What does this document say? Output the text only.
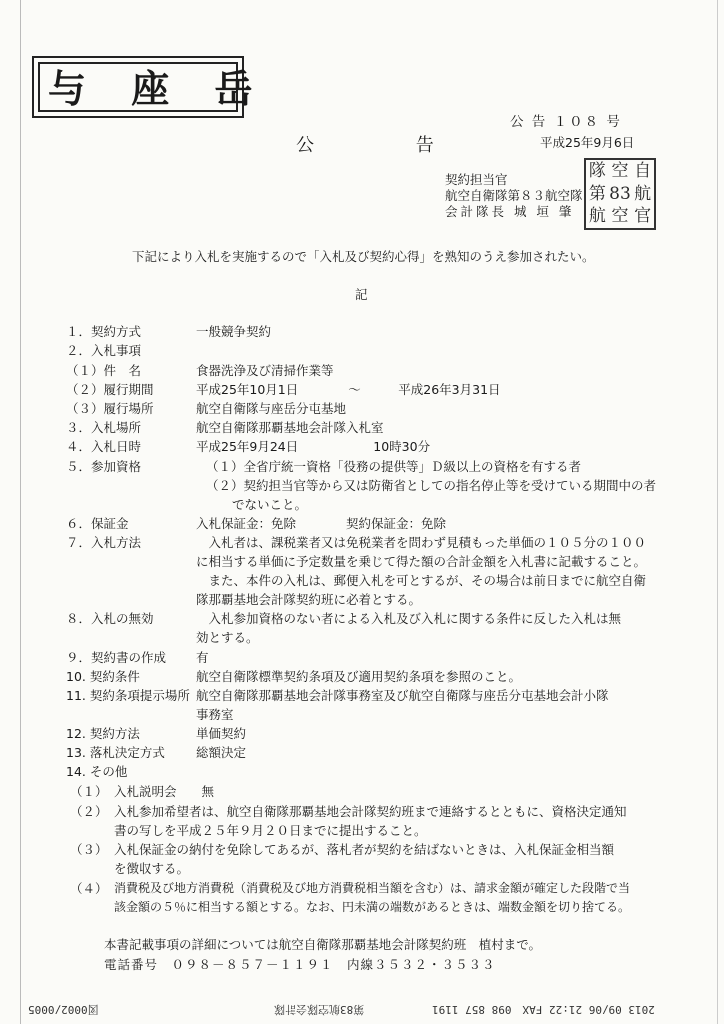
与 座 岳
公 告 １０８ 号
平成25年9月6日
公 告
契約担当官
航空自衛隊第８３航空隊
会計隊長 城 垣 肇
隊 空 自
第 83 航
航 空 官
下記により入札を実施するので「入札及び契約心得」を熟知のうえ参加されたい。
記
１．契約方式	一般競争契約
２．入札事項
（１）件　名	食器洗浄及び清掃作業等
（２）履行期間	平成25年10月1日　　　　～　　　平成26年3月31日
（３）履行場所	航空自衛隊与座岳分屯基地
３．入札場所	航空自衛隊那覇基地会計隊入札室
４．入札日時	平成25年9月24日　　　　　　10時30分
５．参加資格	（１）全省庁統一資格「役務の提供等」Ｄ級以上の資格を有する者
（２）契約担当官等から又は防衛省としての指名停止等を受けている期間中の者
でないこと。
６．保証金	入札保証金：免除　　　　契約保証金：免除
７．入札方法	　入札者は、課税業者又は免税業者を問わず見積もった単価の１０５分の１００
に相当する単価に予定数量を乗じて得た額の合計金額を入札書に記載すること。
　また、本件の入札は、郵便入札を可とするが、その場合は前日までに航空自衛
隊那覇基地会計隊契約班に必着とする。
８．入札の無効	　入札参加資格のない者による入札及び入札に関する条件に反した入札は無
効とする。
９．契約書の作成 有
10. 契約条件	航空自衛隊標準契約条項及び適用契約条項を参照のこと。
11. 契約条項提示場所 航空自衛隊那覇基地会計隊事務室及び航空自衛隊与座岳分屯基地会計小隊
事務室
12. 契約方法	単価契約
13. 落札決定方式 総額決定
14. その他
（１） 入札説明会　　無
（２） 入札参加希望者は、航空自衛隊那覇基地会計隊契約班まで連絡するとともに、資格決定通知
書の写しを平成２５年９月２０日までに提出すること。
（３） 入札保証金の納付を免除してあるが、落札者が契約を結ばないときは、入札保証金相当額
を徴収する。
（４） 消費税及び地方消費税（消費税及び地方消費税相当額を含む）は、請求金額が確定した段階で当
該金額の５％に相当する額とする。なお、円未満の端数があるときは、端数金額を切り捨てる。
本書記載事項の詳細については航空自衛隊那覇基地会計隊契約班　植村まで。
電話番号　０９８－８５７－１１９１　内線３５３２・３５３３
2013 09/06 21:22 FAX　098 857 1191
第83航空隊会計隊
図0002/0005
